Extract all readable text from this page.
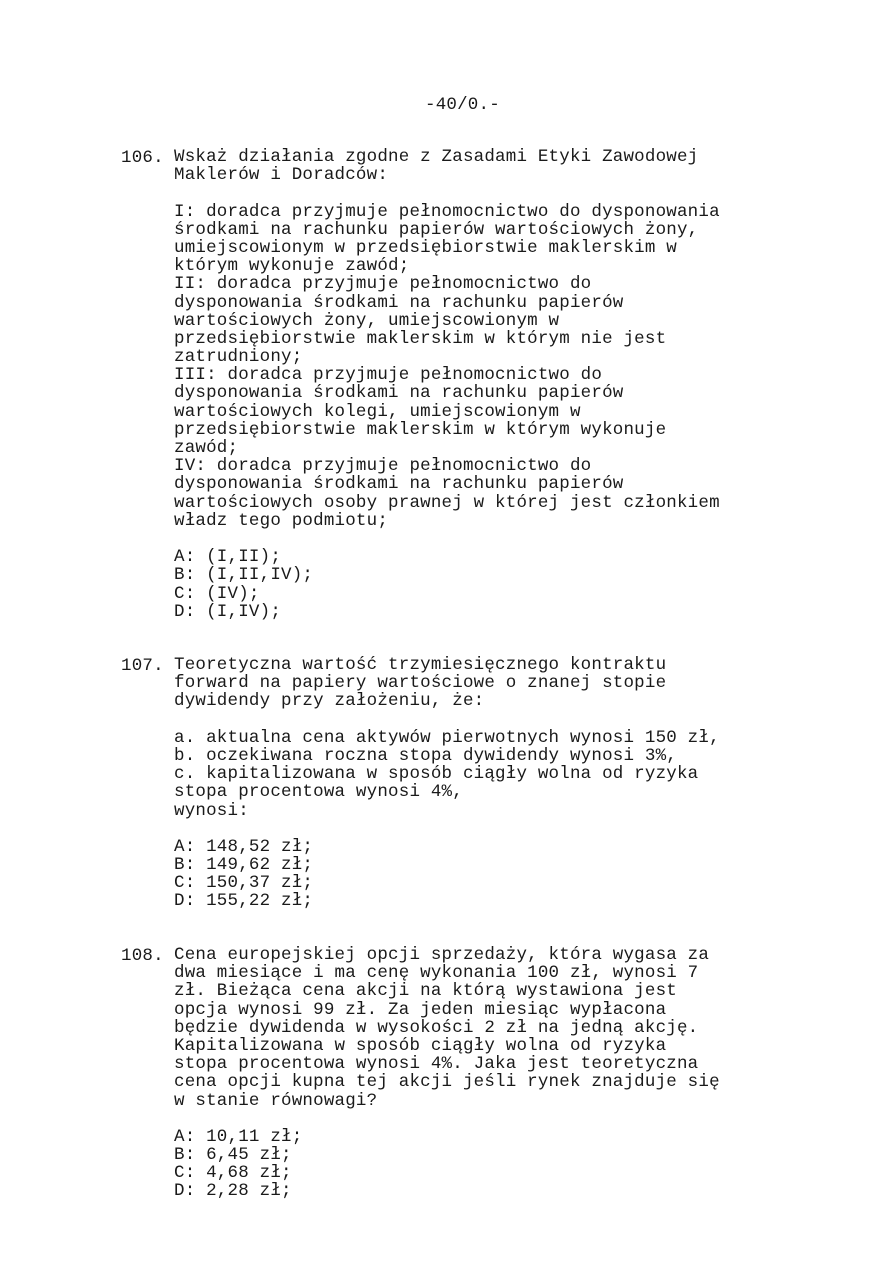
-40/0.-
106. Wskaż działania zgodne z Zasadami Etyki Zawodowej
Maklerów i Doradców:
I: doradca przyjmuje pełnomocnictwo do dysponowania
środkami na rachunku papierów wartościowych żony,
umiejscowionym w przedsiębiorstwie maklerskim w
którym wykonuje zawód;
II: doradca przyjmuje pełnomocnictwo do
dysponowania środkami na rachunku papierów
wartościowych żony, umiejscowionym w
przedsiębiorstwie maklerskim w którym nie jest
zatrudniony;
III: doradca przyjmuje pełnomocnictwo do
dysponowania środkami na rachunku papierów
wartościowych kolegi, umiejscowionym w
przedsiębiorstwie maklerskim w którym wykonuje
zawód;
IV: doradca przyjmuje pełnomocnictwo do
dysponowania środkami na rachunku papierów
wartościowych osoby prawnej w której jest członkiem
władz tego podmiotu;
A: (I,II);
B: (I,II,IV);
C: (IV);
D: (I,IV);
107. Teoretyczna wartość trzymiesięcznego kontraktu
forward na papiery wartościowe o znanej stopie
dywidendy przy założeniu, że:
a. aktualna cena aktywów pierwotnych wynosi 150 zł,
b. oczekiwana roczna stopa dywidendy wynosi 3%,
c. kapitalizowana w sposób ciągły wolna od ryzyka
stopa procentowa wynosi 4%,
wynosi:
A: 148,52 zł;
B: 149,62 zł;
C: 150,37 zł;
D: 155,22 zł;
108. Cena europejskiej opcji sprzedaży, która wygasa za
dwa miesiące i ma cenę wykonania 100 zł, wynosi 7
zł. Bieżąca cena akcji na którą wystawiona jest
opcja wynosi 99 zł. Za jeden miesiąc wypłacona
będzie dywidenda w wysokości 2 zł na jedną akcję.
Kapitalizowana w sposób ciągły wolna od ryzyka
stopa procentowa wynosi 4%. Jaka jest teoretyczna
cena opcji kupna tej akcji jeśli rynek znajduje się
w stanie równowagi?
A: 10,11 zł;
B: 6,45 zł;
C: 4,68 zł;
D: 2,28 zł;
